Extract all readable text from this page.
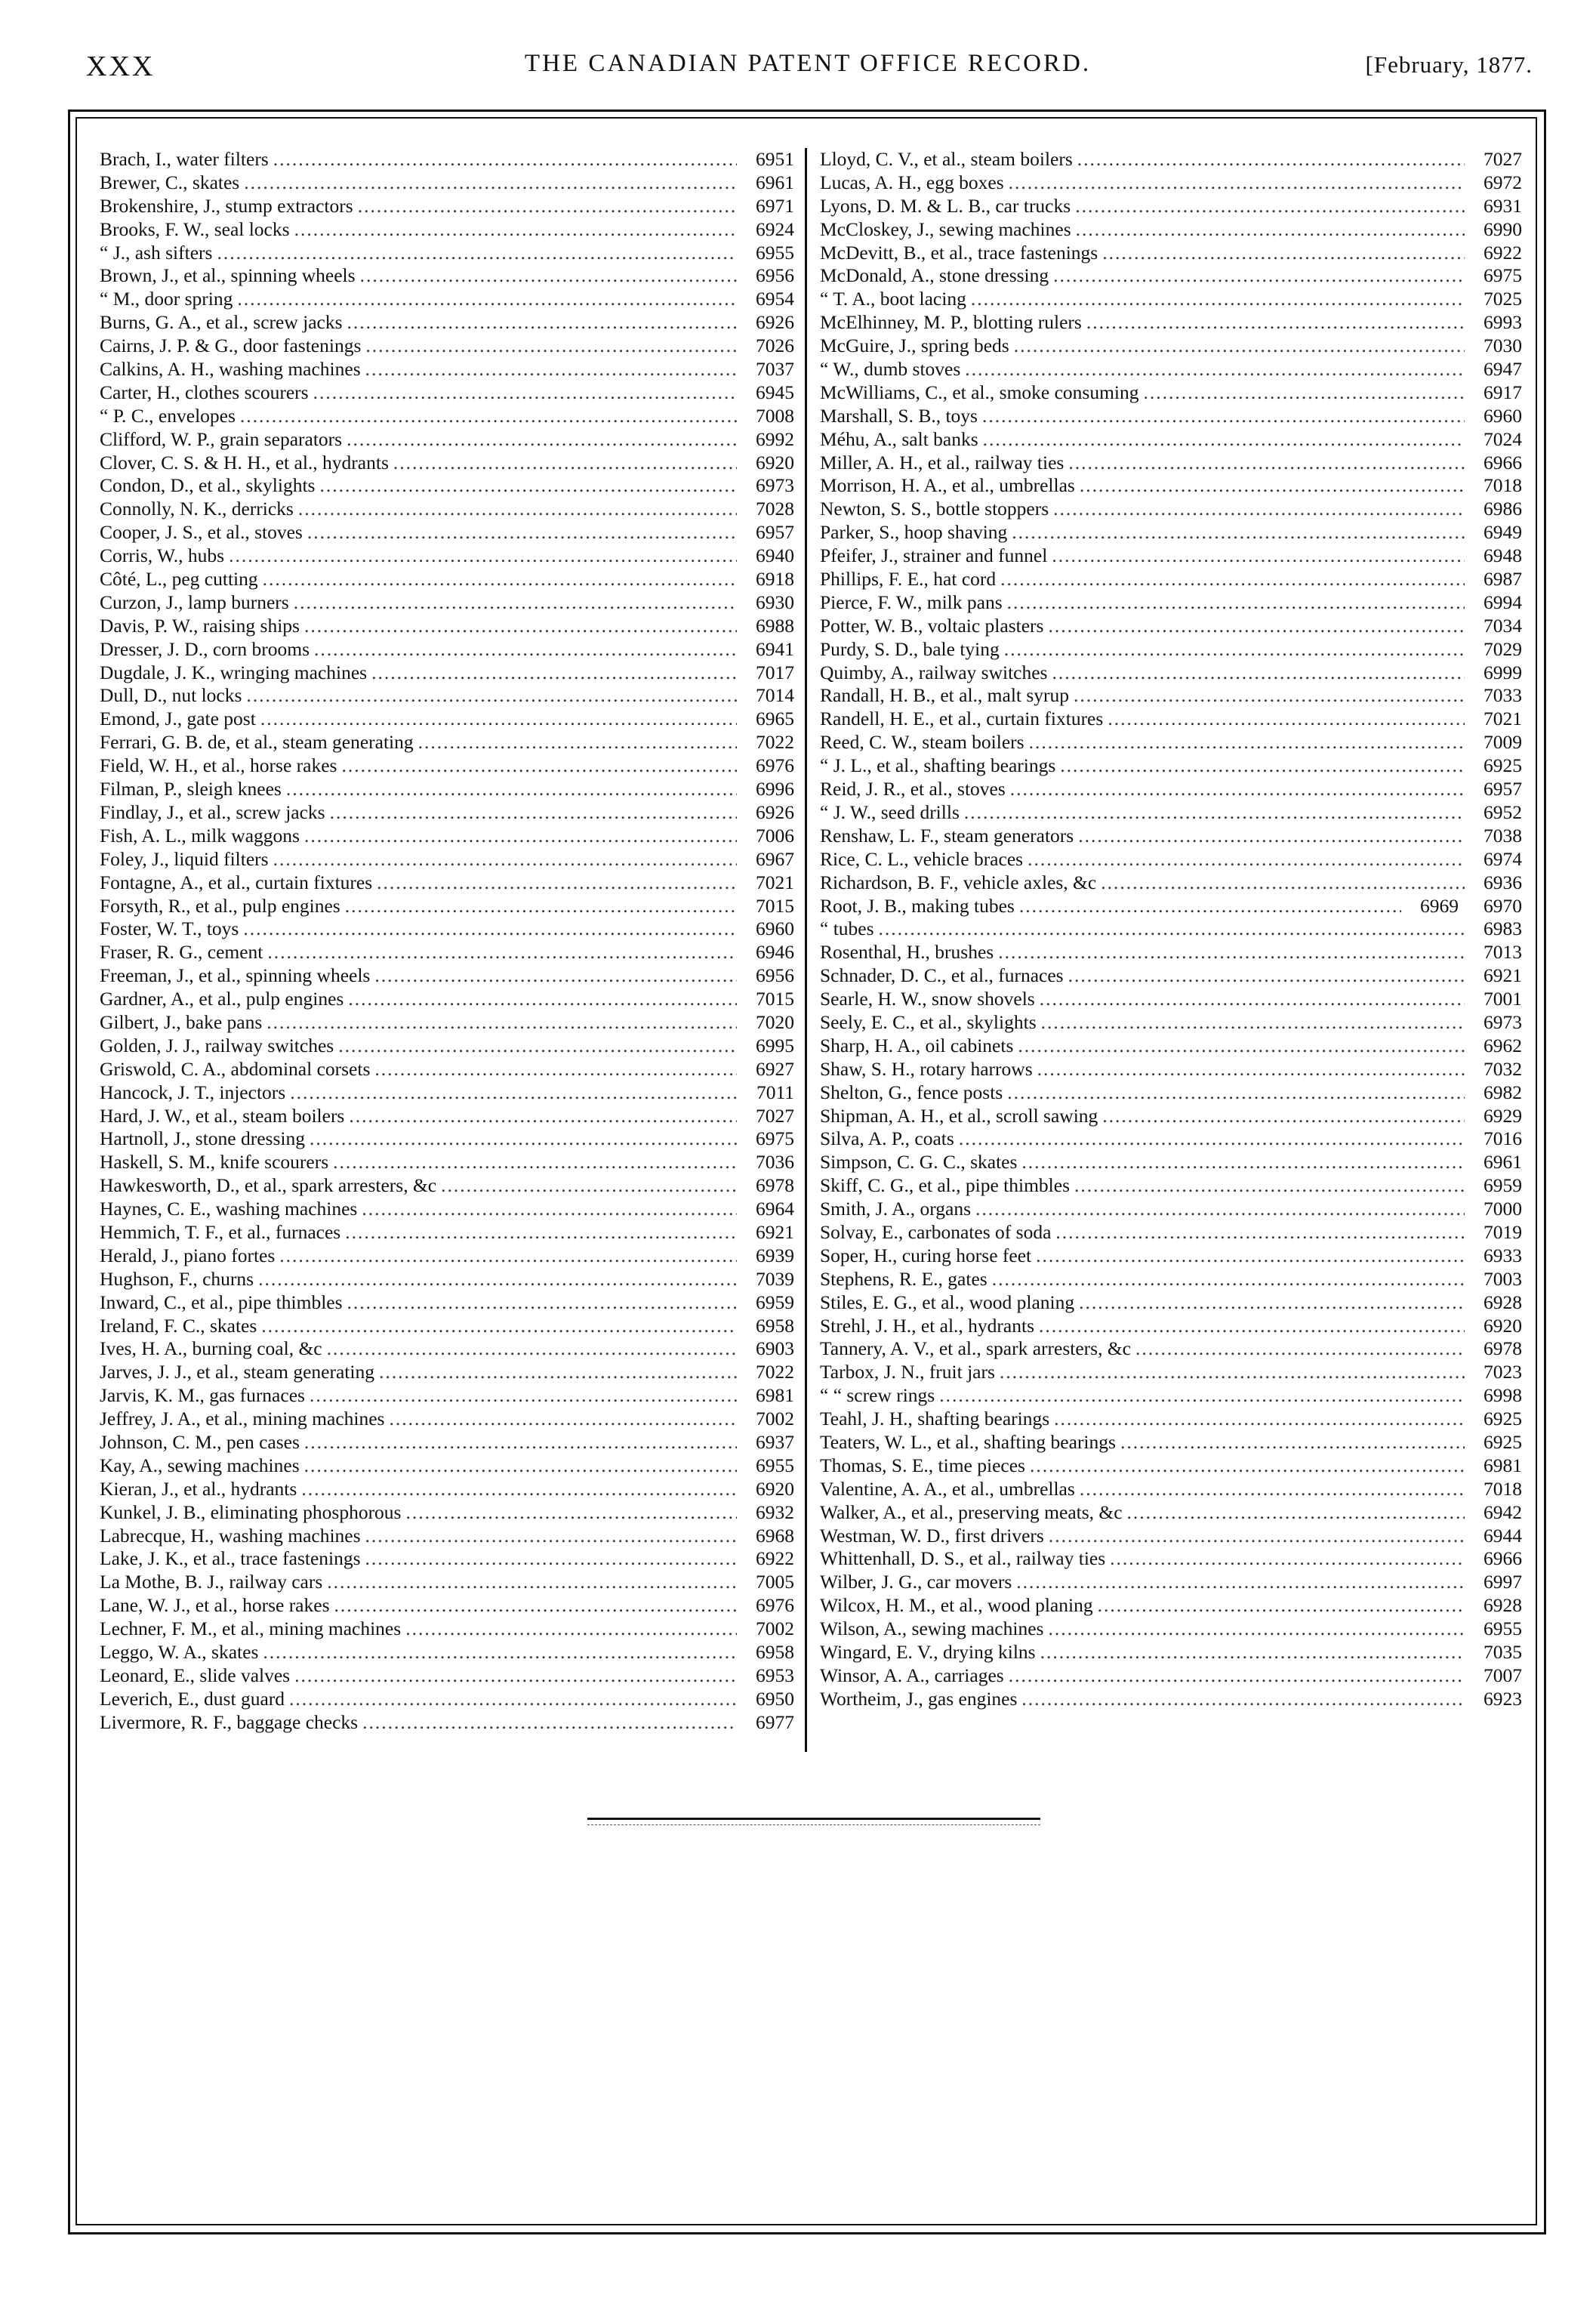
XXX	THE CANADIAN PATENT OFFICE RECORD.	[February, 1877.
Brach, I., water filters .....	6951
Brewer, C., skates .....	6961
Brokenshire, J., stump extractors .....	6971
Brooks, F. W., seal locks .....	6924
“ J., ash sifters .....	6955
Brown, J., et al., spinning wheels .....	6956
“ M., door spring .....	6954
Burns, G. A., et al., screw jacks .....	6926
Cairns, J. P. & G., door fastenings .....	7026
Calkins, A. H., washing machines .....	7037
Carter, H., clothes scourers .....	6945
“ P. C., envelopes .....	7008
Clifford, W. P., grain separators .....	6992
Clover, C. S. & H. H., et al., hydrants .....	6920
Condon, D., et al., skylights .....	6973
Connolly, N. K., derricks .....	7028
Cooper, J. S., et al., stoves .....	6957
Corris, W., hubs .....	6940
Côté, L., peg cutting .....	6918
Curzon, J., lamp burners .....	6930
Davis, P. W., raising ships .....	6988
Dresser, J. D., corn brooms .....	6941
Dugdale, J. K., wringing machines .....	7017
Dull, D., nut locks .....	7014
Emond, J., gate post .....	6965
Ferrari, G. B. de, et al., steam generating .....	7022
Field, W. H., et al., horse rakes .....	6976
Filman, P., sleigh knees .....	6996
Findlay, J., et al., screw jacks .....	6926
Fish, A. L., milk waggons .....	7006
Foley, J., liquid filters .....	6967
Fontagne, A., et al., curtain fixtures .....	7021
Forsyth, R., et al., pulp engines .....	7015
Foster, W. T., toys .....	6960
Fraser, R. G., cement .....	6946
Freeman, J., et al., spinning wheels .....	6956
Gardner, A., et al., pulp engines .....	7015
Gilbert, J., bake pans .....	7020
Golden, J. J., railway switches .....	6995
Griswold, C. A., abdominal corsets .....	6927
Hancock, J. T., injectors .....	7011
Hard, J. W., et al., steam boilers .....	7027
Hartnoll, J., stone dressing .....	6975
Haskell, S. M., knife scourers .....	7036
Hawkesworth, D., et al., spark arresters, &c .....	6978
Haynes, C. E., washing machines .....	6964
Hemmich, T. F., et al., furnaces .....	6921
Herald, J., piano fortes .....	6939
Hughson, F., churns .....	7039
Inward, C., et al., pipe thimbles .....	6959
Ireland, F. C., skates .....	6958
Ives, H. A., burning coal, &c .....	6903
Jarves, J. J., et al., steam generating .....	7022
Jarvis, K. M., gas furnaces .....	6981
Jeffrey, J. A., et al., mining machines .....	7002
Johnson, C. M., pen cases .....	6937
Kay, A., sewing machines .....	6955
Kieran, J., et al., hydrants .....	6920
Kunkel, J. B., eliminating phosphorous .....	6932
Labrecque, H., washing machines .....	6968
Lake, J. K., et al., trace fastenings .....	6922
La Mothe, B. J., railway cars .....	7005
Lane, W. J., et al., horse rakes .....	6976
Lechner, F. M., et al., mining machines .....	7002
Leggo, W. A., skates .....	6958
Leonard, E., slide valves .....	6953
Leverich, E., dust guard .....	6950
Livermore, R. F., baggage checks .....	6977
Lloyd, C. V., et al., steam boilers .....	7027
Lucas, A. H., egg boxes .....	6972
Lyons, D. M. & L. B., car trucks .....	6931
McCloskey, J., sewing machines .....	6990
McDevitt, B., et al., trace fastenings .....	6922
McDonald, A., stone dressing .....	6975
“ T. A., boot lacing .....	7025
McElhinney, M. P., blotting rulers .....	6993
McGuire, J., spring beds .....	7030
“ W., dumb stoves .....	6947
McWilliams, C., et al., smoke consuming .....	6917
Marshall, S. B., toys .....	6960
Méhu, A., salt banks .....	7024
Miller, A. H., et al., railway ties .....	6966
Morrison, H. A., et al., umbrellas .....	7018
Newton, S. S., bottle stoppers .....	6986
Parker, S., hoop shaving .....	6949
Pfeifer, J., strainer and funnel .....	6948
Phillips, F. E., hat cord .....	6987
Pierce, F. W., milk pans .....	6994
Potter, W. B., voltaic plasters .....	7034
Purdy, S. D., bale tying .....	7029
Quimby, A., railway switches .....	6999
Randall, H. B., et al., malt syrup .....	7033
Randell, H. E., et al., curtain fixtures .....	7021
Reed, C. W., steam boilers .....	7009
“ J. L., et al., shafting bearings .....	6925
Reid, J. R., et al., stoves .....	6957
“ J. W., seed drills .....	6952
Renshaw, L. F., steam generators .....	7038
Rice, C. L., vehicle braces .....	6974
Richardson, B. F., vehicle axles, &c .....	6936
Root, J. B., making tubes .....	6969	6970
“ tubes .....	6983
Rosenthal, H., brushes .....	7013
Schnader, D. C., et al., furnaces .....	6921
Searle, H. W., snow shovels .....	7001
Seely, E. C., et al., skylights .....	6973
Sharp, H. A., oil cabinets .....	6962
Shaw, S. H., rotary harrows .....	7032
Shelton, G., fence posts .....	6982
Shipman, A. H., et al., scroll sawing .....	6929
Silva, A. P., coats .....	7016
Simpson, C. G. C., skates .....	6961
Skiff, C. G., et al., pipe thimbles .....	6959
Smith, J. A., organs .....	7000
Solvay, E., carbonates of soda .....	7019
Soper, H., curing horse feet .....	6933
Stephens, R. E., gates .....	7003
Stiles, E. G., et al., wood planing .....	6928
Strehl, J. H., et al., hydrants .....	6920
Tannery, A. V., et al., spark arresters, &c .....	6978
Tarbox, J. N., fruit jars .....	7023
“ “ screw rings .....	6998
Teahl, J. H., shafting bearings .....	6925
Teaters, W. L., et al., shafting bearings .....	6925
Thomas, S. E., time pieces .....	6981
Valentine, A. A., et al., umbrellas .....	7018
Walker, A., et al., preserving meats, &c .....	6942
Westman, W. D., first drivers .....	6944
Whittenhall, D. S., et al., railway ties .....	6966
Wilber, J. G., car movers .....	6997
Wilcox, H. M., et al., wood planing .....	6928
Wilson, A., sewing machines .....	6955
Wingard, E. V., drying kilns .....	7035
Winsor, A. A., carriages .....	7007
Wortheim, J., gas engines .....	6923
